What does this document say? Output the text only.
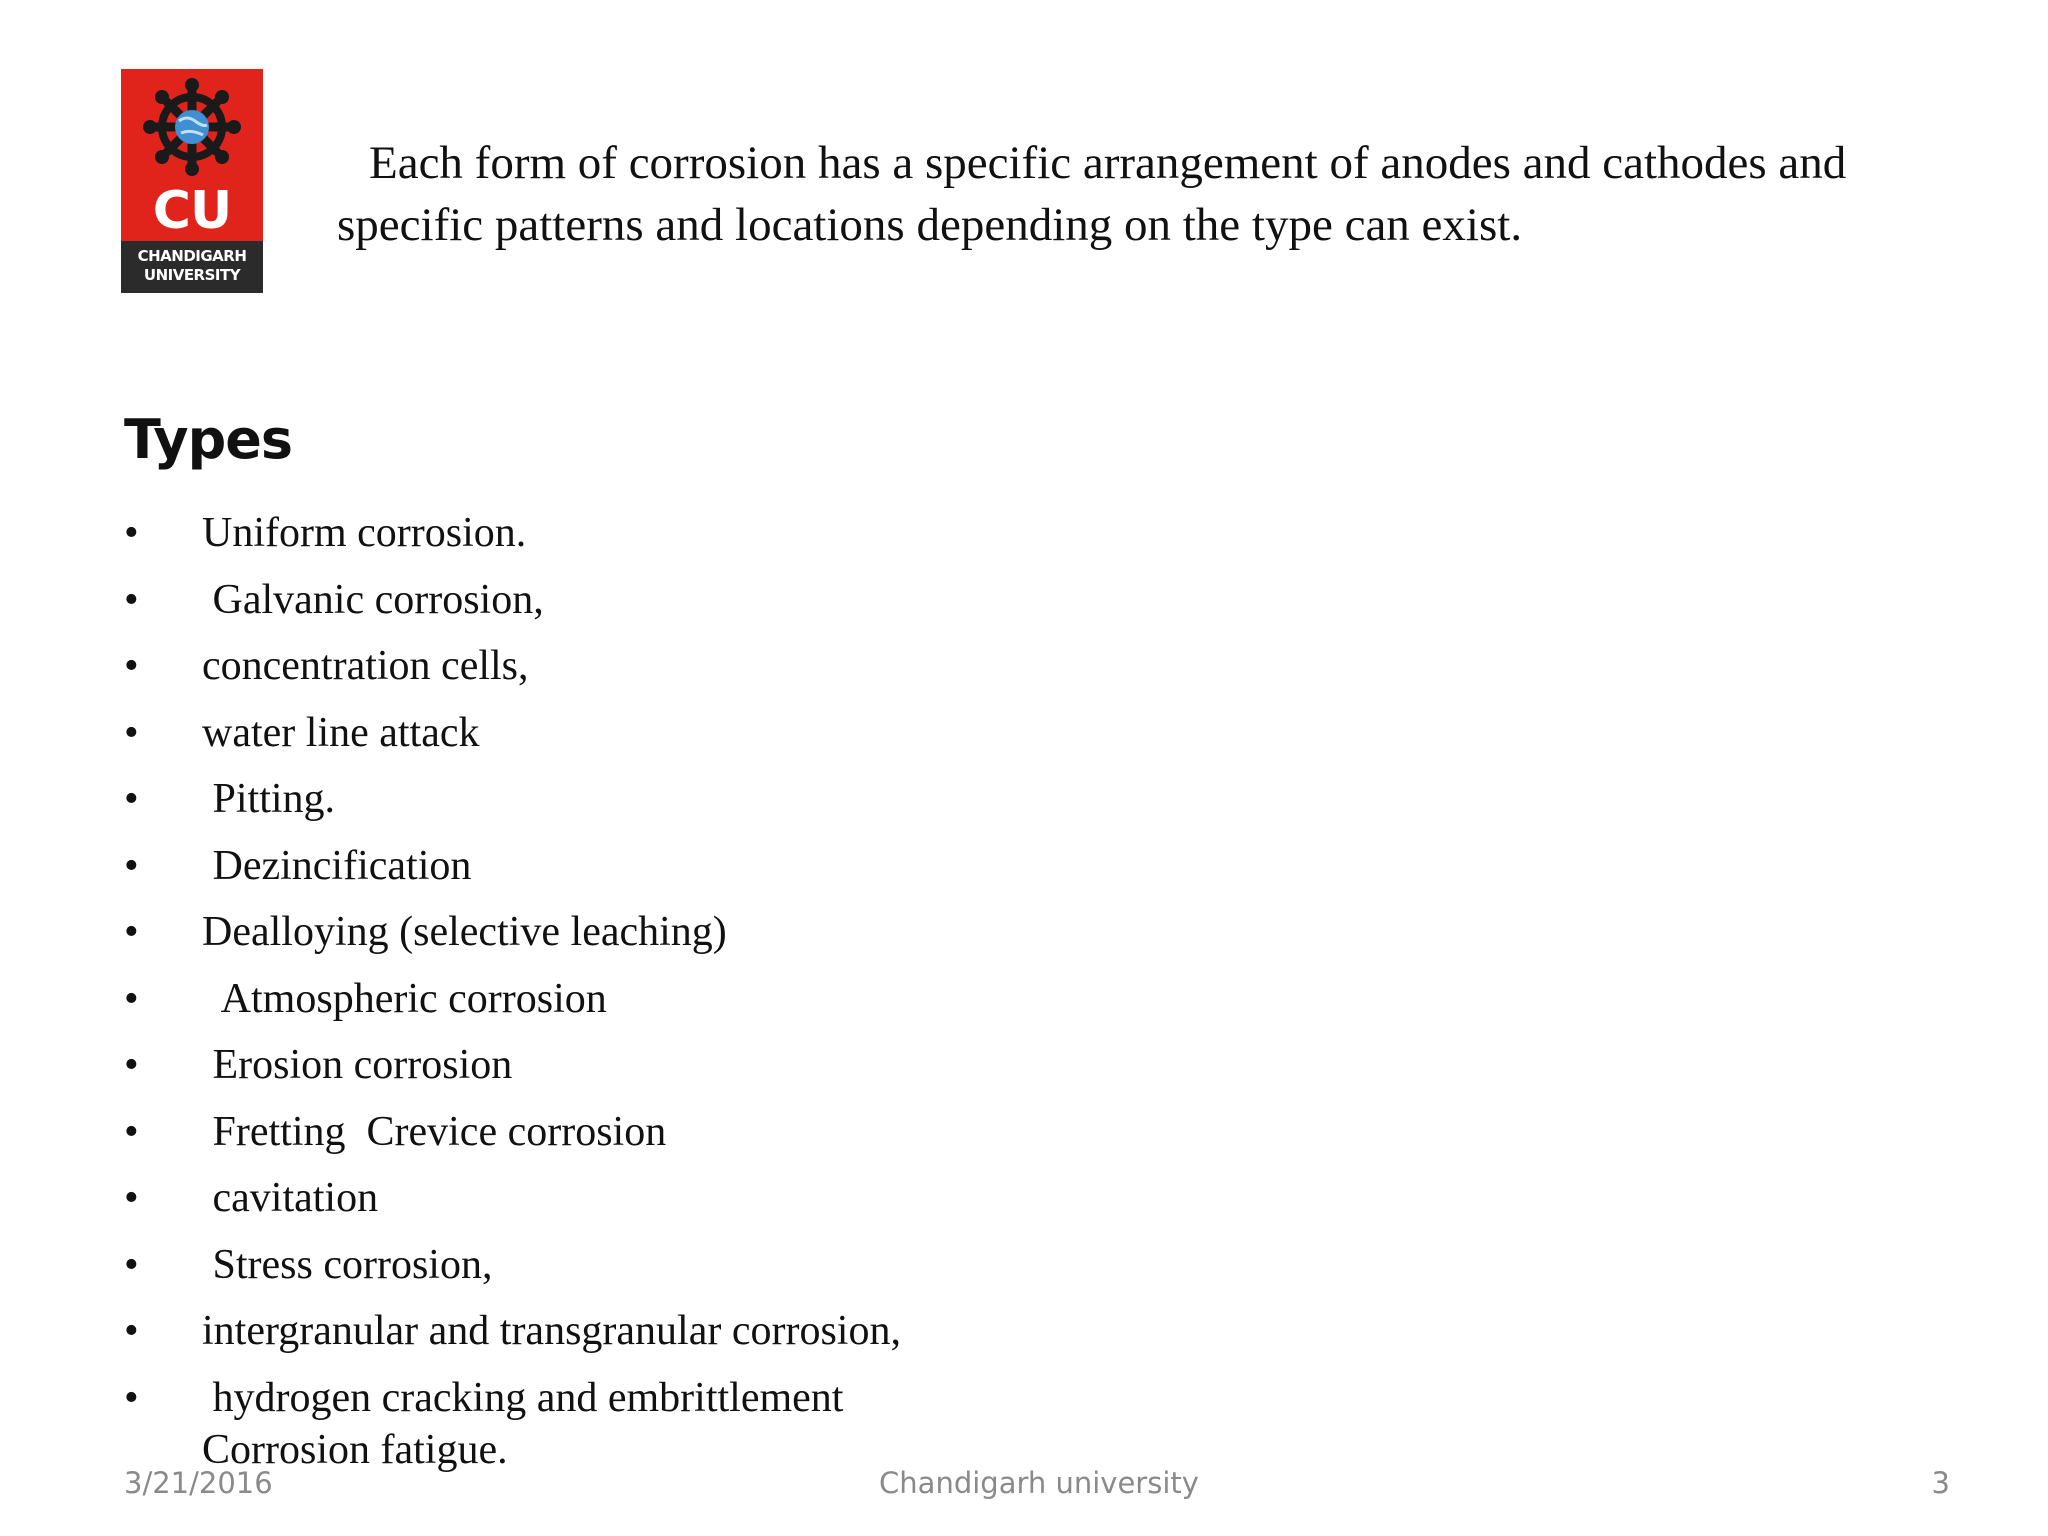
CU
CHANDIGARH
UNIVERSITY

Each form of corrosion has a specific arrangement of anodes and cathodes and specific patterns and locations depending on the type can exist.

Types
• Uniform corrosion.
• Galvanic corrosion,
• concentration cells,
• water line attack
• Pitting.
• Dezincification
• Dealloying (selective leaching)
• Atmospheric corrosion
• Erosion corrosion
• Fretting  Crevice corrosion
• cavitation
• Stress corrosion,
• intergranular and transgranular corrosion,
• hydrogen cracking and embrittlement
Corrosion fatigue.
3/21/2016	Chandigarh university	3
